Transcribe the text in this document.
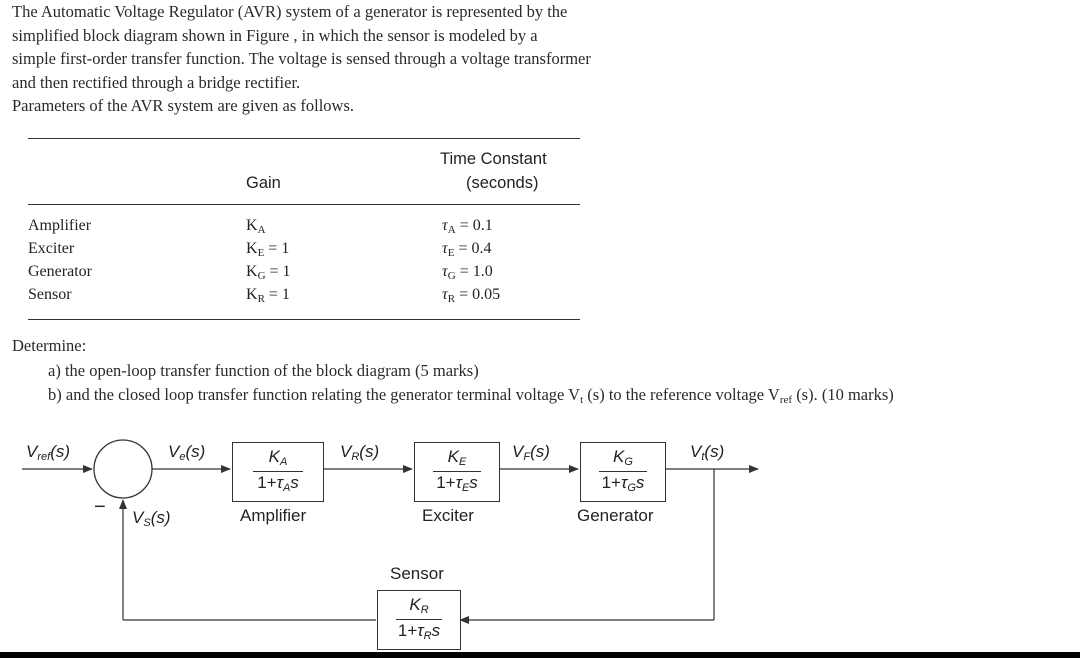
The Automatic Voltage Regulator (AVR) system of a generator is represented by the
simplified block diagram shown in Figure , in which the sensor is modeled by a
simple first-order transfer function. The voltage is sensed through a voltage transformer
and then rectified through a bridge rectifier.
Parameters of the AVR system are given as follows.
Gain
Time Constant
(seconds)
Amplifier	$K_A$	$\tau_A = 0.1$
Exciter	$K_E = 1$	$\tau_E = 0.4$
Generator	$K_G = 1$	$\tau_G = 1.0$
Sensor	$K_R = 1$	$\tau_R = 0.05$
Determine:
a) the open-loop transfer function of the block diagram (5 marks)
b) and the closed loop transfer function relating the generator terminal voltage $V_t$ (s) to the reference voltage $V_{ref}$ (s). (10 marks)
$V_{ref}(s)$	$V_e(s)$	$V_R(s)$	$V_F(s)$	$V_t(s)$
$V_S(s)$
−
$K_A$
$1+\tau_As$
Amplifier
$K_E$
$1+\tau_Es$
Exciter
$K_G$
$1+\tau_Gs$
Generator
Sensor
$K_R$
$1+\tau_Rs$
